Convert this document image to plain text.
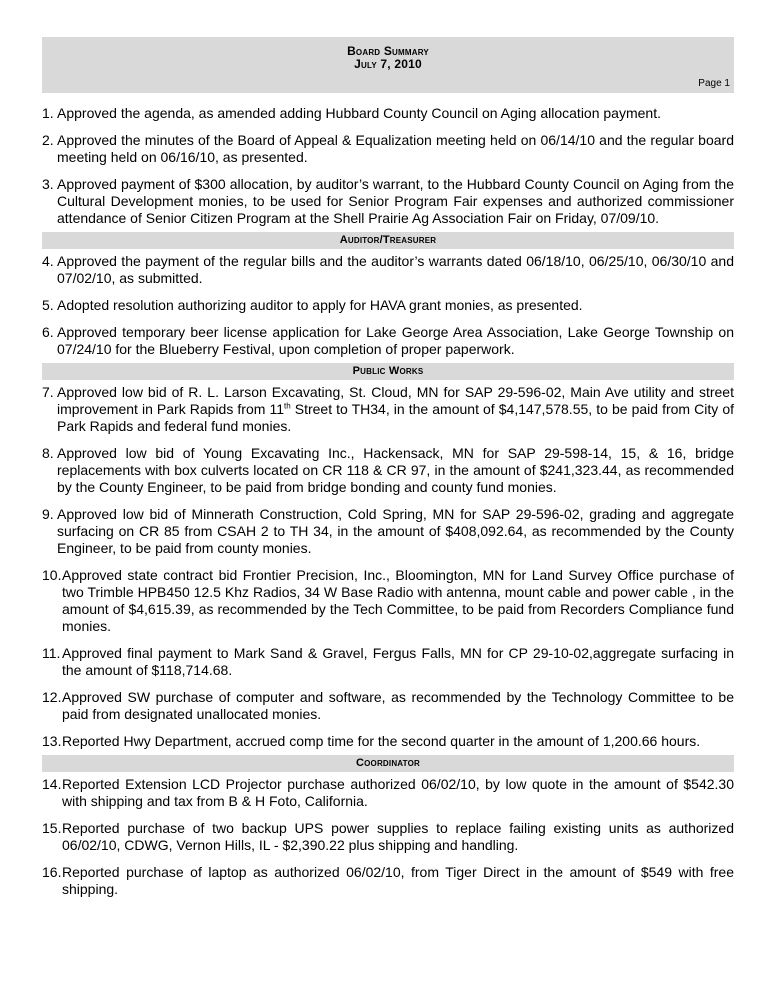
Board Summary
July 7, 2010
Page 1
1. Approved the agenda, as amended adding Hubbard County Council on Aging allocation payment.
2. Approved the minutes of the Board of Appeal & Equalization meeting held on 06/14/10 and the regular board meeting held on 06/16/10, as presented.
3. Approved payment of $300 allocation, by auditor’s warrant, to the Hubbard County Council on Aging from the Cultural Development monies, to be used for Senior Program Fair expenses and authorized commissioner attendance of Senior Citizen Program at the Shell Prairie Ag Association Fair on Friday, 07/09/10.
Auditor/Treasurer
4. Approved the payment of the regular bills and the auditor’s warrants dated 06/18/10, 06/25/10, 06/30/10 and 07/02/10, as submitted.
5. Adopted resolution authorizing auditor to apply for HAVA grant monies, as presented.
6. Approved temporary beer license application for Lake George Area Association, Lake George Township on 07/24/10 for the Blueberry Festival, upon completion of proper paperwork.
Public Works
7. Approved low bid of R. L. Larson Excavating, St. Cloud, MN for SAP 29-596-02, Main Ave utility and street improvement in Park Rapids from 11th Street to TH34, in the amount of $4,147,578.55, to be paid from City of Park Rapids and federal fund monies.
8. Approved low bid of Young Excavating Inc., Hackensack, MN for SAP 29-598-14, 15, & 16, bridge replacements with box culverts located on CR 118 & CR 97, in the amount of $241,323.44, as recommended by the County Engineer, to be paid from bridge bonding and county fund monies.
9. Approved low bid of Minnerath Construction, Cold Spring, MN for SAP 29-596-02, grading and aggregate surfacing on CR 85 from CSAH 2 to TH 34, in the amount of $408,092.64, as recommended by the County Engineer, to be paid from county monies.
10. Approved state contract bid Frontier Precision, Inc., Bloomington, MN for Land Survey Office purchase of two Trimble HPB450 12.5 Khz Radios, 34 W Base Radio with antenna, mount cable and power cable , in the amount of $4,615.39, as recommended by the Tech Committee, to be paid from Recorders Compliance fund monies.
11. Approved final payment to Mark Sand & Gravel, Fergus Falls, MN for CP 29-10-02,aggregate surfacing in the amount of $118,714.68.
12. Approved SW purchase of computer and software, as recommended by the Technology Committee to be paid from designated unallocated monies.
13. Reported Hwy Department, accrued comp time for the second quarter in the amount of 1,200.66 hours.
Coordinator
14. Reported Extension LCD Projector purchase authorized 06/02/10, by low quote in the amount of $542.30 with shipping and tax from B & H Foto, California.
15. Reported purchase of two backup UPS power supplies to replace failing existing units as authorized 06/02/10, CDWG, Vernon Hills, IL - $2,390.22 plus shipping and handling.
16. Reported purchase of laptop as authorized 06/02/10, from Tiger Direct in the amount of $549 with free shipping.
